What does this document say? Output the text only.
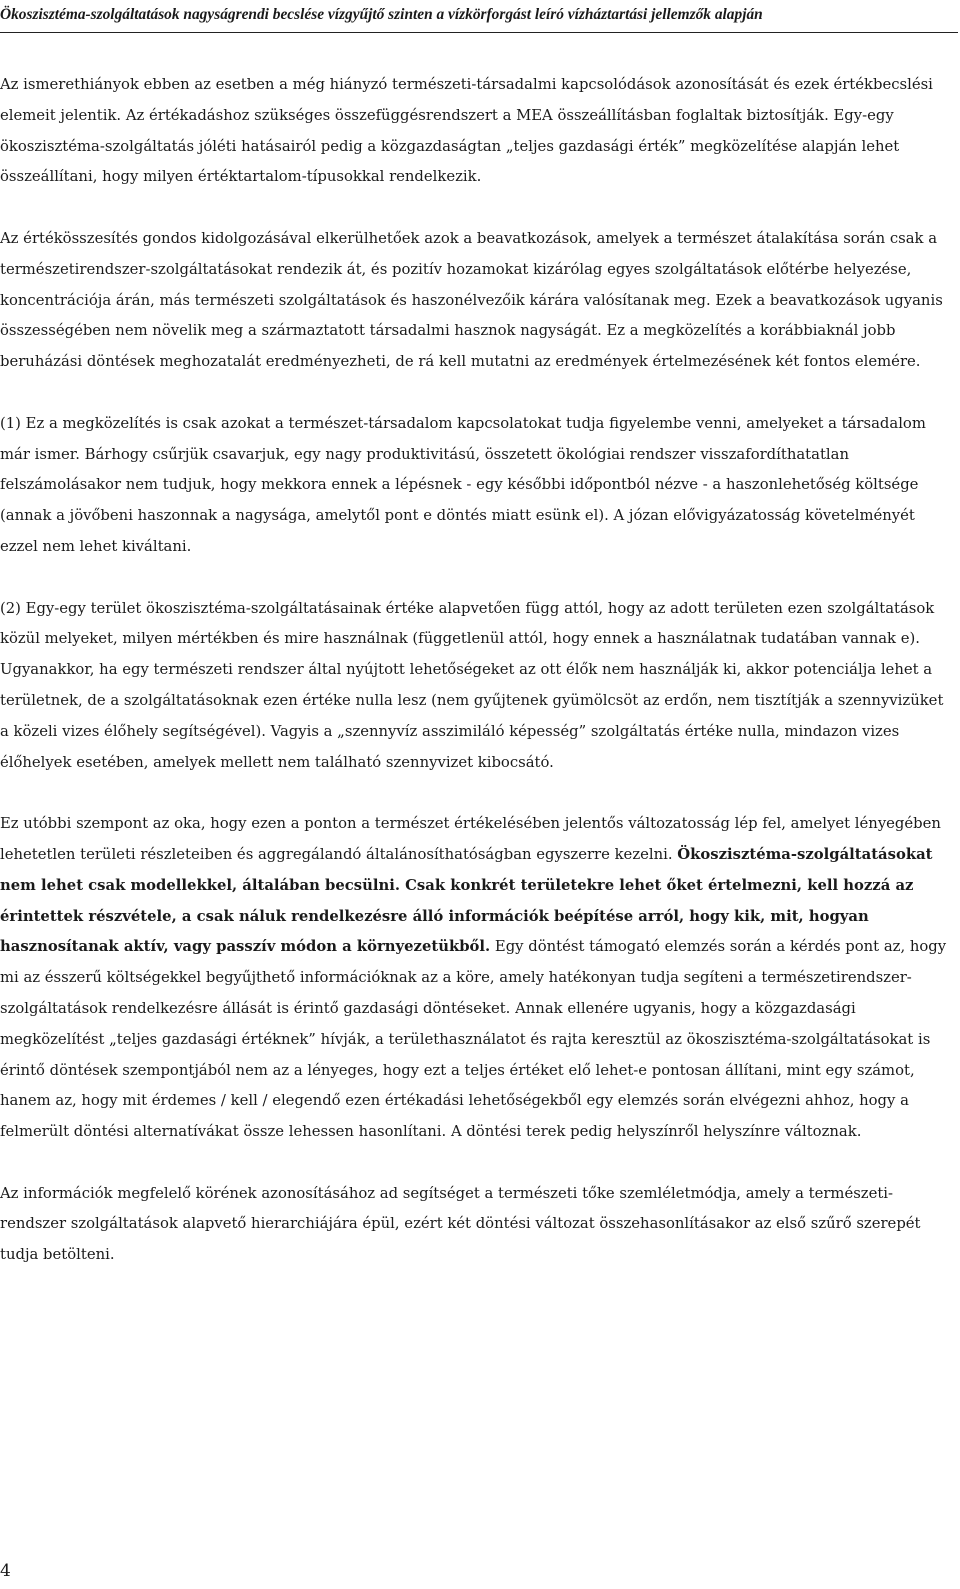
Ökoszisztéma-szolgáltatások nagyságrendi becslése vízgyűjtő szinten a vízkörforgást leíró vízháztartási jellemzők alapján

Az ismerethiányok ebben az esetben a még hiányzó természeti-társadalmi kapcsolódások azonosítását és ezek értékbecslési elemeit jelentik. Az értékadáshoz szükséges összefüggésrendszert a MEA összeállításban foglaltak biztosítják. Egy-egy ökoszisztéma-szolgáltatás jóléti hatásairól pedig a közgazdaságtan „teljes gazdasági érték” megközelítése alapján lehet összeállítani, hogy milyen értéktartalom-típusokkal rendelkezik.

Az értékösszesítés gondos kidolgozásával elkerülhetőek azok a beavatkozások, amelyek a természet átalakítása során csak a természetirendszer-szolgáltatásokat rendezik át, és pozitív hozamokat kizárólag egyes szolgáltatások előtérbe helyezése, koncentrációja árán, más természeti szolgáltatások és haszonélvezőik kárára valósítanak meg. Ezek a beavatkozások ugyanis összességében nem növelik meg a származtatott társadalmi hasznok nagyságát. Ez a megközelítés a korábbiaknál jobb beruházási döntések meghozatalát eredményezheti, de rá kell mutatni az eredmények értelmezésének két fontos elemére.

(1) Ez a megközelítés is csak azokat a természet-társadalom kapcsolatokat tudja figyelembe venni, amelyeket a társadalom már ismer. Bárhogy csűrjük csavarjuk, egy nagy produktivitású, összetett ökológiai rendszer visszafordíthatatlan felszámolásakor nem tudjuk, hogy mekkora ennek a lépésnek - egy későbbi időpontból nézve - a haszonlehetőség költsége (annak a jövőbeni haszonnak a nagysága, amelytől pont e döntés miatt esünk el). A józan elővigyázatosság követelményét ezzel nem lehet kiváltani.

(2) Egy-egy terület ökoszisztéma-szolgáltatásainak értéke alapvetően függ attól, hogy az adott területen ezen szolgáltatások közül melyeket, milyen mértékben és mire használnak (függetlenül attól, hogy ennek a használatnak tudatában vannak e). Ugyanakkor, ha egy természeti rendszer által nyújtott lehetőségeket az ott élők nem használják ki, akkor potenciálja lehet a területnek, de a szolgáltatásoknak ezen értéke nulla lesz (nem gyűjtenek gyümölcsöt az erdőn, nem tisztítják a szennyvizüket a közeli vizes élőhely segítségével). Vagyis a „szennyvíz asszimiláló képesség” szolgáltatás értéke nulla, mindazon vizes élőhelyek esetében, amelyek mellett nem található szennyvizet kibocsátó.

Ez utóbbi szempont az oka, hogy ezen a ponton a természet értékelésében jelentős változatosság lép fel, amelyet lényegében lehetetlen területi részleteiben és aggregálandó általánosíthatóságban egyszerre kezelni. Ökoszisztéma-szolgáltatásokat nem lehet csak modellekkel, általában becsülni. Csak konkrét területekre lehet őket értelmezni, kell hozzá az érintettek részvétele, a csak náluk rendelkezésre álló információk beépítése arról, hogy kik, mit, hogyan hasznosítanak aktív, vagy passzív módon a környezetükből. Egy döntést támogató elemzés során a kérdés pont az, hogy mi az ésszerű költségekkel begyűjthető információknak az a köre, amely hatékonyan tudja segíteni a természetirendszer-szolgáltatások rendelkezésre állását is érintő gazdasági döntéseket. Annak ellenére ugyanis, hogy a közgazdasági megközelítést „teljes gazdasági értéknek” hívják, a területhasználatot és rajta keresztül az ökoszisztéma-szolgáltatásokat is érintő döntések szempontjából nem az a lényeges, hogy ezt a teljes értéket elő lehet-e pontosan állítani, mint egy számot, hanem az, hogy mit érdemes / kell / elegendő ezen értékadási lehetőségekből egy elemzés során elvégezni ahhoz, hogy a felmerült döntési alternatívákat össze lehessen hasonlítani. A döntési terek pedig helyszínről helyszínre változnak.

Az információk megfelelő körének azonosításához ad segítséget a természeti tőke szemléletmódja, amely a természeti-rendszer szolgáltatások alapvető hierarchiájára épül, ezért két döntési változat összehasonlításakor az első szűrő szerepét tudja betölteni.

4
